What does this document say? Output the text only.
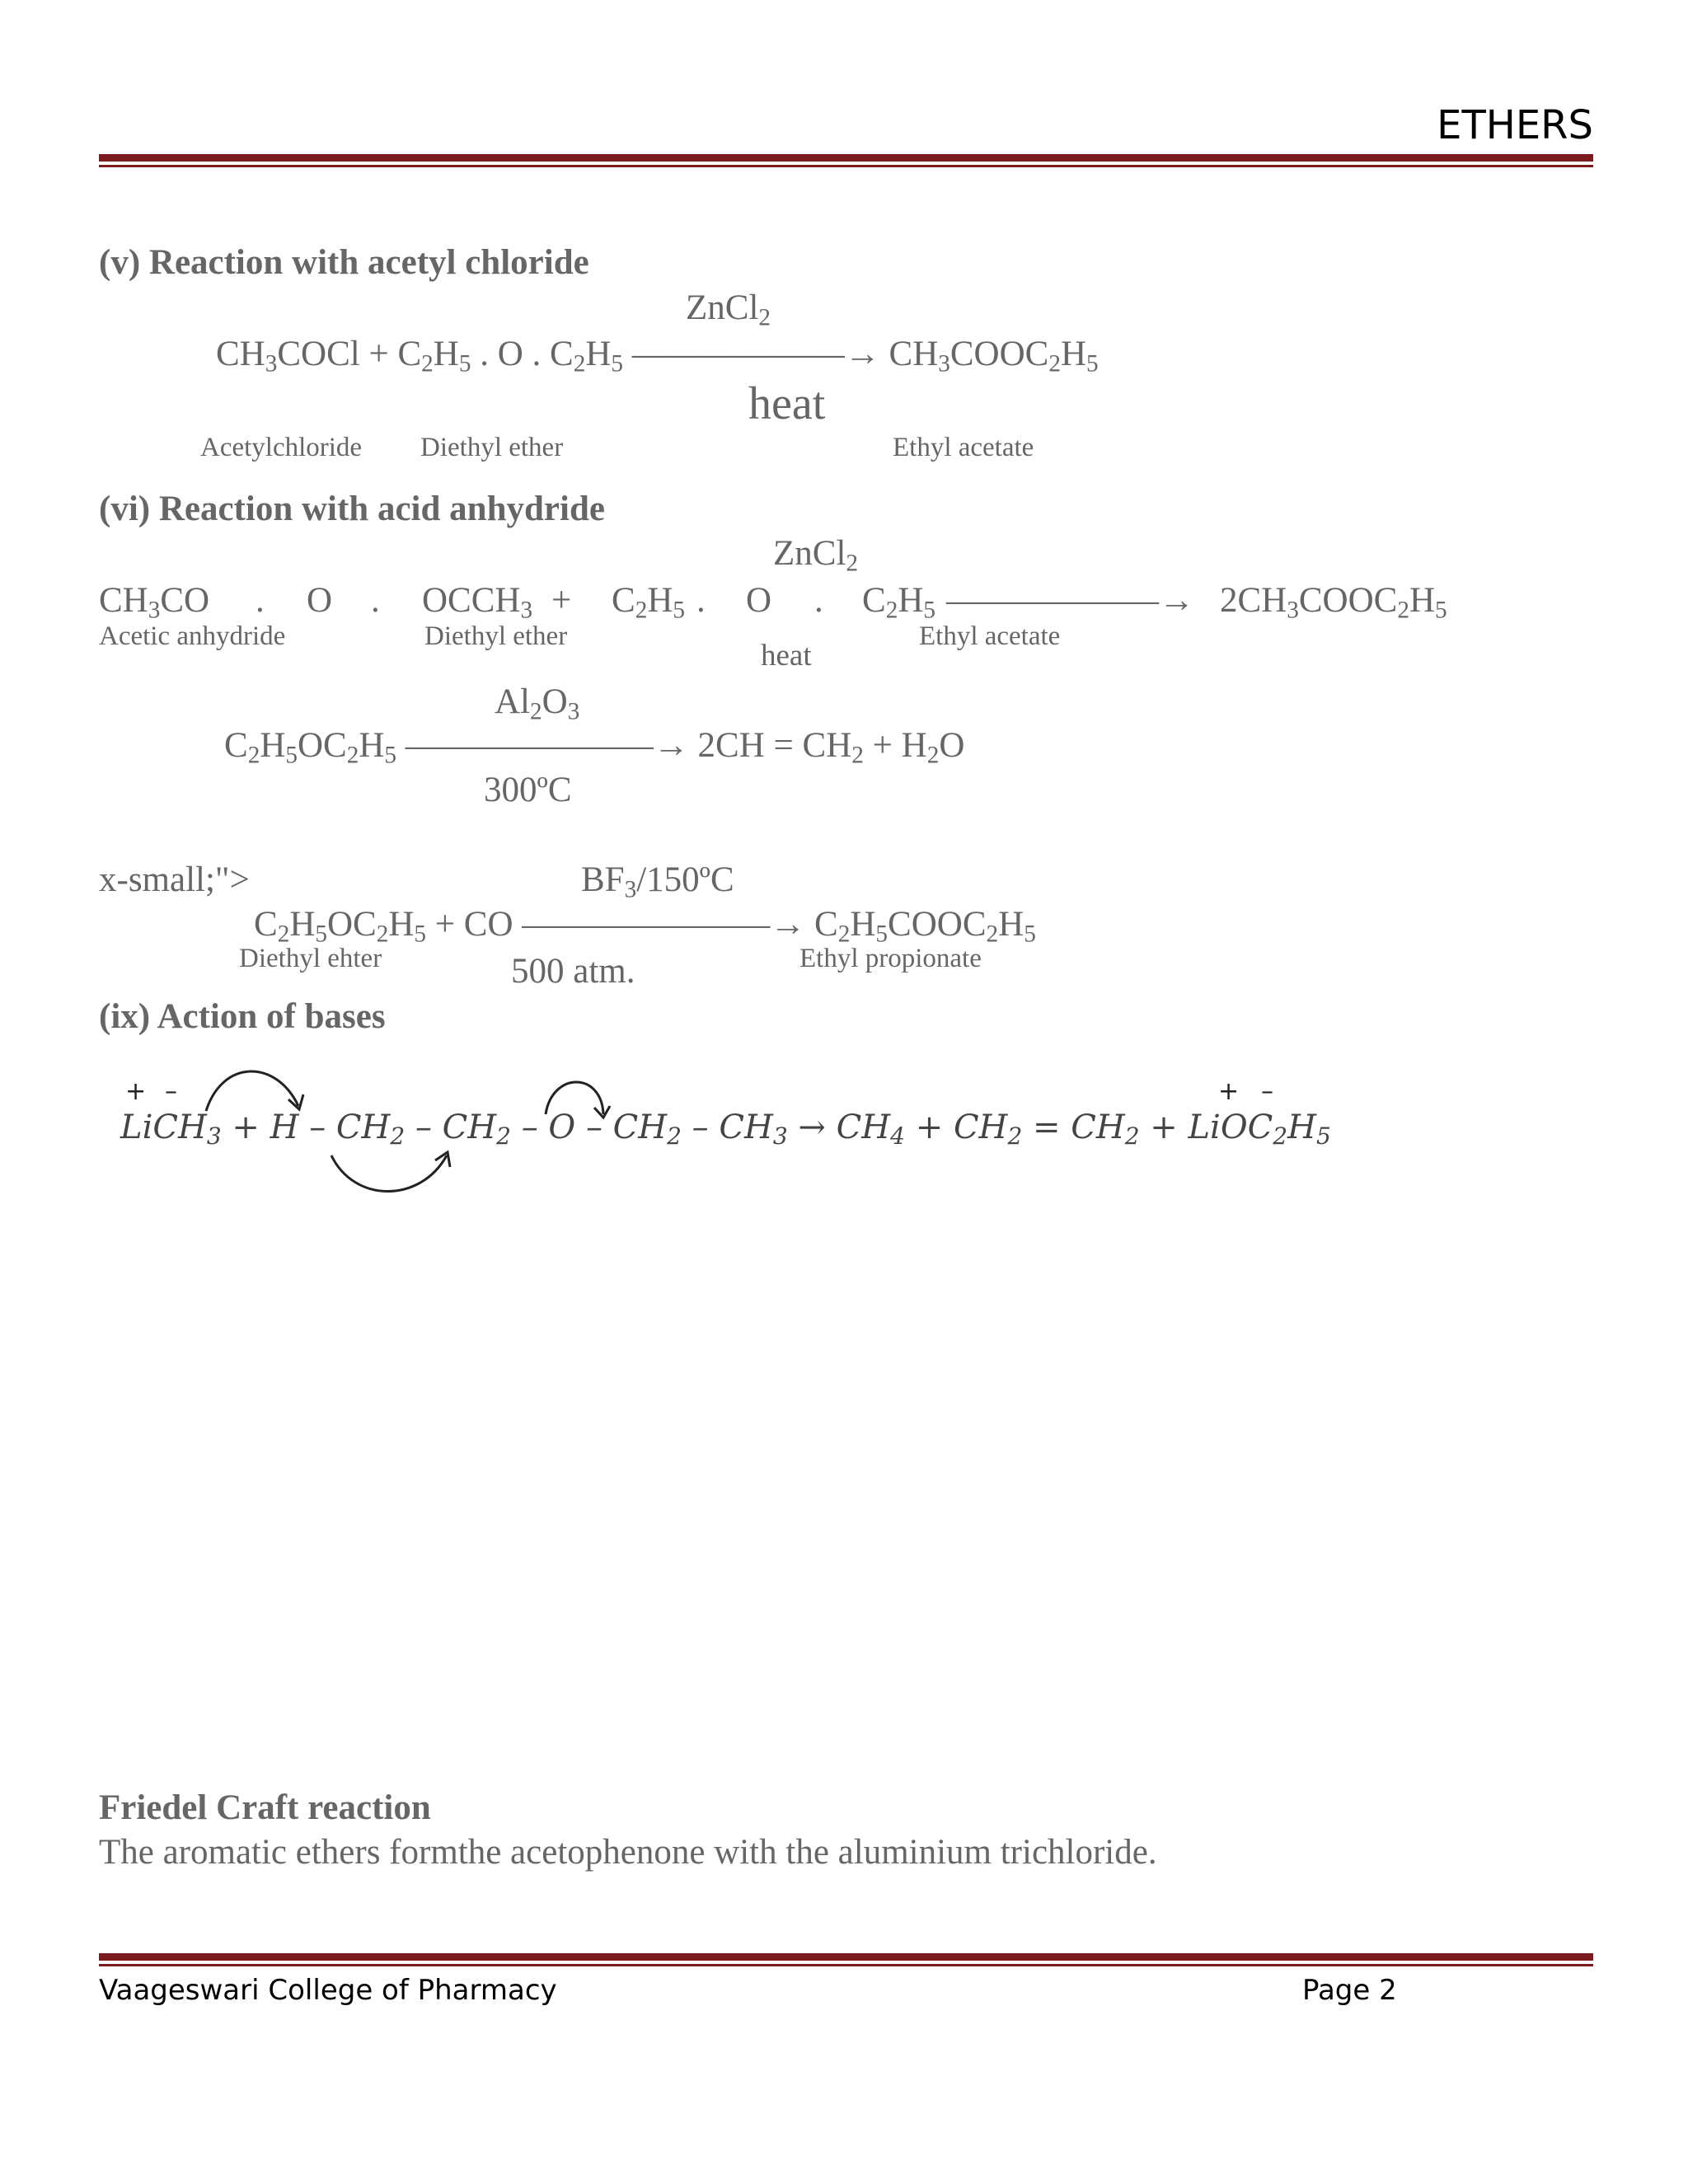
ETHERS
(v) Reaction with acetyl chloride
ZnCl$_2$
$CH_3COCl + C_2H_5$ . O . $C_2H_5$ ——————→ $CH_3COOC_2H_5$
heat
Acetylchloride Diethyl ether	Ethyl acetate
(vi) Reaction with acid anhydride
ZnCl$_2$
$CH_3CO$ . O . $OCCH_3 + C_2H_5$ . O . $C_2H_5$ ——————→ $2CH_3COOC_2H_5$
Acetic anhydride	Diethyl ether	Ethyl acetate
heat
$Al_2O_3$
$C_2H_5OC_2H_5$ ———————→ $2CH = CH_2 + H_2O$
300ºC
x-small;">	$BF_3/150ºC$
$C_2H_5OC_2H_5$ + CO ———————→ $C_2H_5COOC_2H_5$
Diethyl ehter	Ethyl propionate
500 atm.
(ix) Action of bases
+ –	+ –
LiCH$_3$ + $H - CH_2 - CH_2 - O - CH_2 - CH_3 \to CH_4 + CH_2 = CH_2$ + $LiOC_2H_5$
Friedel Craft reaction
The aromatic ethers formthe acetophenone with the aluminium trichloride.
Vaageswari College of Pharmacy	Page 2
